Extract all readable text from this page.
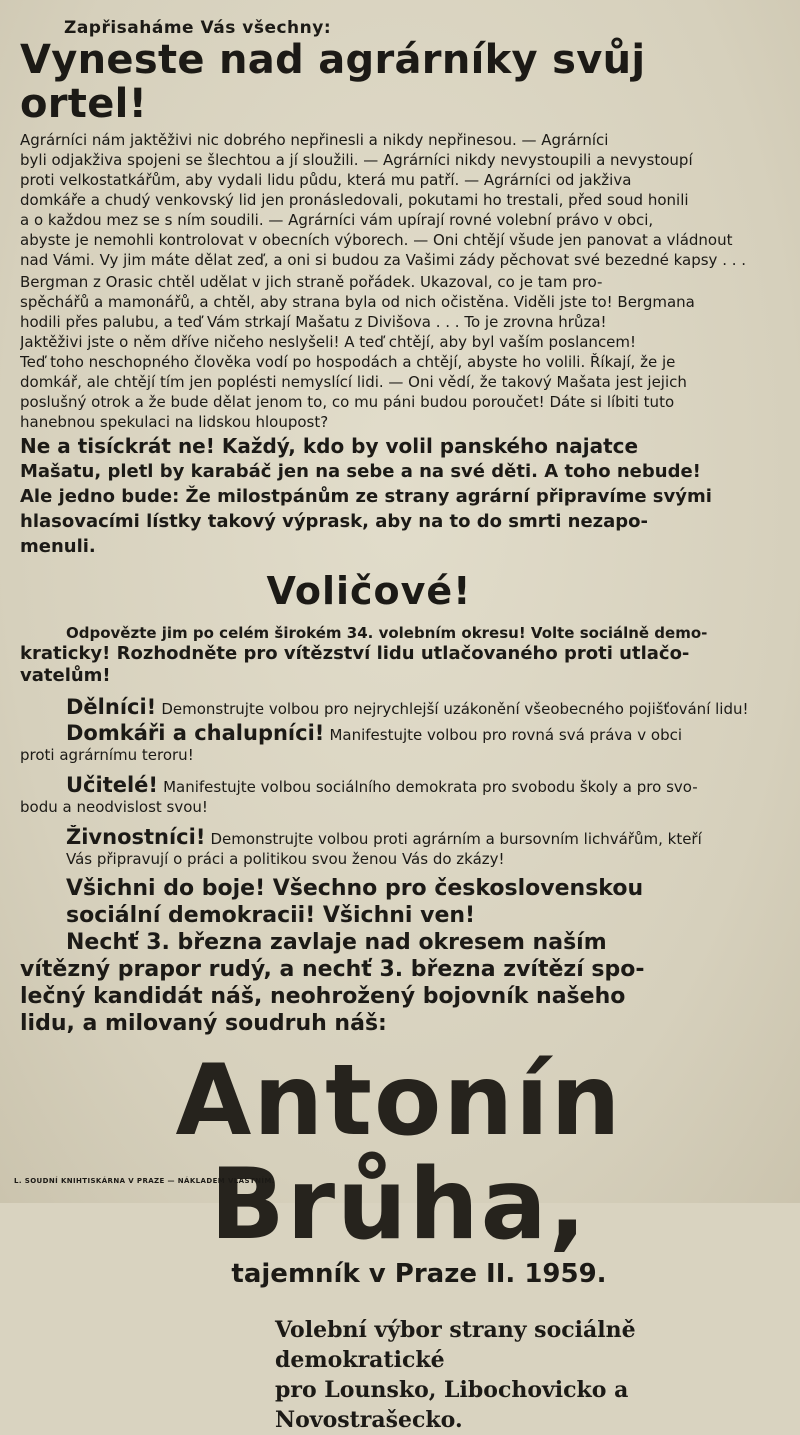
Zapřisaháme Vás všechny:
Vyneste nad agrárníky svůj ortel!

Agrárníci nám jaktěživi nic dobrého nepřinesli a nikdy nepřinesou. — Agrárníci

byli odjakživa spojeni se šlechtou a jí sloužili. — Agrárníci nikdy nevystoupili a nevystoupí

proti velkostatkářům, aby vydali lidu půdu, která mu patří. — Agrárníci od jakživa

domkáře a chudý venkovský lid jen pronásledovali, pokutami ho trestali, před soud honili

a o každou mez se s ním soudili. — Agrárníci vám upírají rovné volební právo v obci,

abyste je nemohli kontrolovat v obecních výborech. — Oni chtějí všude jen panovat a vládnout

nad Vámi. Vy jim máte dělat zeď, a oni si budou za Vašimi zády pěchovat své bezedné kapsy . . .

Bergman z Orasic chtěl udělat v jich straně pořádek. Ukazoval, co je tam pro-

spěchářů a mamonářů, a chtěl, aby strana byla od nich očistěna. Viděli jste to! Bergmana

hodili přes palubu, a teď Vám strkají Mašatu z Divišova . . . To je zrovna hrůza!

Jaktěživi jste o něm dříve ničeho neslyšeli! A teď chtějí, aby byl vaším poslancem!

Teď toho neschopného člověka vodí po hospodách a chtějí, abyste ho volili. Říkají, že je

domkář, ale chtějí tím jen poplésti nemyslící lidi. — Oni vědí, že takový Mašata jest jejich

poslušný otrok a že bude dělat jenom to, co mu páni budou poroučet! Dáte si líbiti tuto

hanebnou spekulaci na lidskou hloupost?

Ne a tisíckrát ne! Každý, kdo by volil panského najatce
Mašatu, pletl by karabáč jen na sebe a na své děti. A toho nebude!
Ale jedno bude: Že milostpánům ze strany agrární připravíme svými
hlasovacími lístky takový výprask, aby na to do smrti nezapo-
menuli.
Voličové!
Odpovězte jim po celém širokém 34. volebním okresu! Volte sociálně demo-
kraticky! Rozhodněte pro vítězství lidu utlačovaného proti utlačo-
vatelům!
Dělníci! Demonstrujte volbou pro nejrychlejší uzákonění všeobecného pojišťování lidu!
Domkáři a chalupníci! Manifestujte volbou pro rovná svá práva v obci
proti agrárnímu teroru!
Učitelé! Manifestujte volbou sociálního demokrata pro svobodu školy a pro svo-
bodu a neodvislost svou!
Živnostníci! Demonstrujte volbou proti agrárním a bursovním lichvářům, kteří
Vás připravují o práci a politikou svou ženou Vás do zkázy!
Všichni do boje! Všechno pro československou
sociální demokracii! Všichni ven!
Nechť 3. března zavlaje nad okresem naším
vítězný prapor rudý, a nechť 3. března zvítězí spo-
lečný kandidát náš, neohrožený bojovník našeho
lidu, a milovaný soudruh náš:
Antonín Brůha,
tajemník v Praze II. 1959.
Volební výbor strany sociálně demokratické
pro Lounsko, Libochovicko a Novostrašecko.
L. SOUDNÍ KNIHTISKÁRNA V PRAZE — NÁKLADEM VLASTNÍM.
